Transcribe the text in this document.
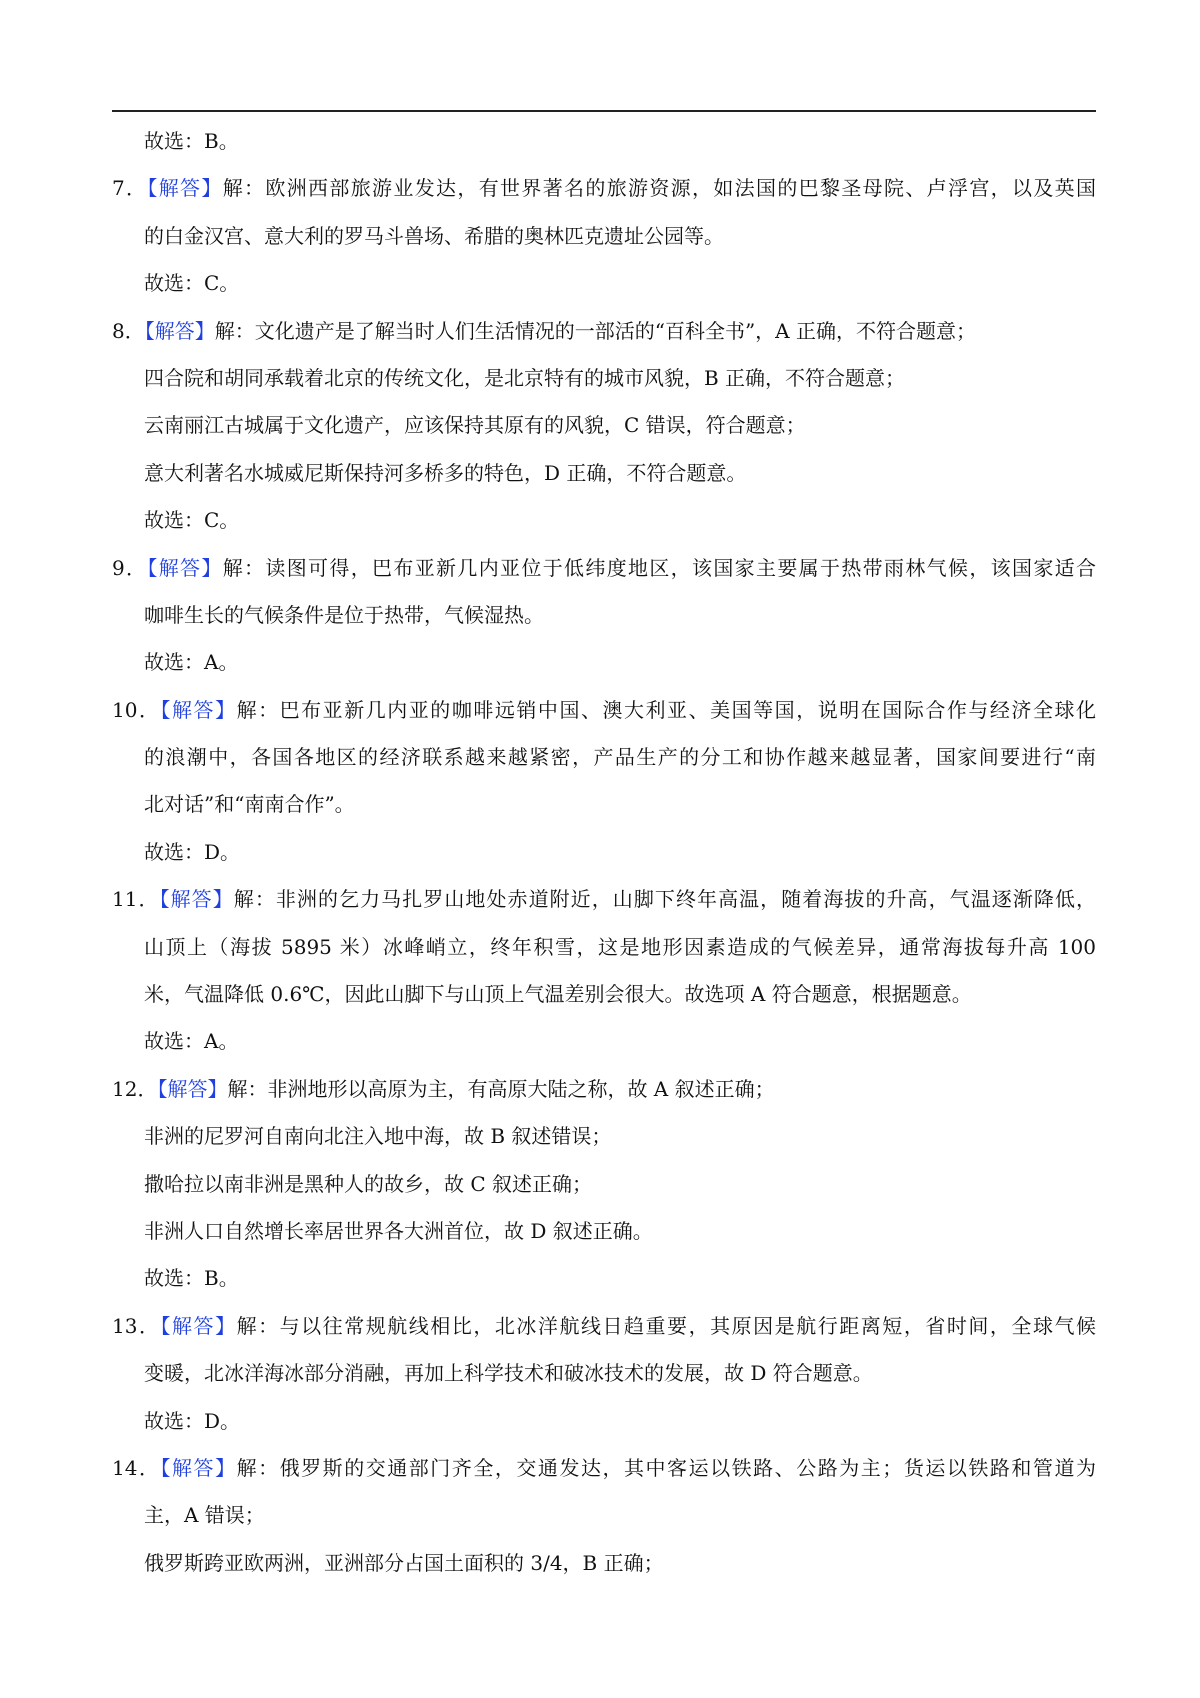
故选：B。
7．【解答】解：欧洲西部旅游业发达，有世界著名的旅游资源，如法国的巴黎圣母院、卢浮宫，以及英国
的白金汉宫、意大利的罗马斗兽场、希腊的奥林匹克遗址公园等。
故选：C。
8．【解答】解：文化遗产是了解当时人们生活情况的一部活的“百科全书”，A 正确，不符合题意；
四合院和胡同承载着北京的传统文化，是北京特有的城市风貌，B 正确，不符合题意；
云南丽江古城属于文化遗产，应该保持其原有的风貌，C 错误，符合题意；
意大利著名水城威尼斯保持河多桥多的特色，D 正确，不符合题意。
故选：C。
9．【解答】解：读图可得，巴布亚新几内亚位于低纬度地区，该国家主要属于热带雨林气候，该国家适合
咖啡生长的气候条件是位于热带，气候湿热。
故选：A。
10．【解答】解：巴布亚新几内亚的咖啡远销中国、澳大利亚、美国等国，说明在国际合作与经济全球化
的浪潮中，各国各地区的经济联系越来越紧密，产品生产的分工和协作越来越显著，国家间要进行“南
北对话”和“南南合作”。
故选：D。
11．【解答】解：非洲的乞力马扎罗山地处赤道附近，山脚下终年高温，随着海拔的升高，气温逐渐降低，
山顶上（海拔 5895 米）冰峰峭立，终年积雪，这是地形因素造成的气候差异，通常海拔每升高 100
米，气温降低 0.6℃，因此山脚下与山顶上气温差别会很大。故选项 A 符合题意，根据题意。
故选：A。
12．【解答】解：非洲地形以高原为主，有高原大陆之称，故 A 叙述正确；
非洲的尼罗河自南向北注入地中海，故 B 叙述错误；
撒哈拉以南非洲是黑种人的故乡，故 C 叙述正确；
非洲人口自然增长率居世界各大洲首位，故 D 叙述正确。
故选：B。
13．【解答】解：与以往常规航线相比，北冰洋航线日趋重要，其原因是航行距离短，省时间，全球气候
变暖，北冰洋海冰部分消融，再加上科学技术和破冰技术的发展，故 D 符合题意。
故选：D。
14．【解答】解：俄罗斯的交通部门齐全，交通发达，其中客运以铁路、公路为主；货运以铁路和管道为
主，A 错误；
俄罗斯跨亚欧两洲，亚洲部分占国土面积的 3/4，B 正确；
